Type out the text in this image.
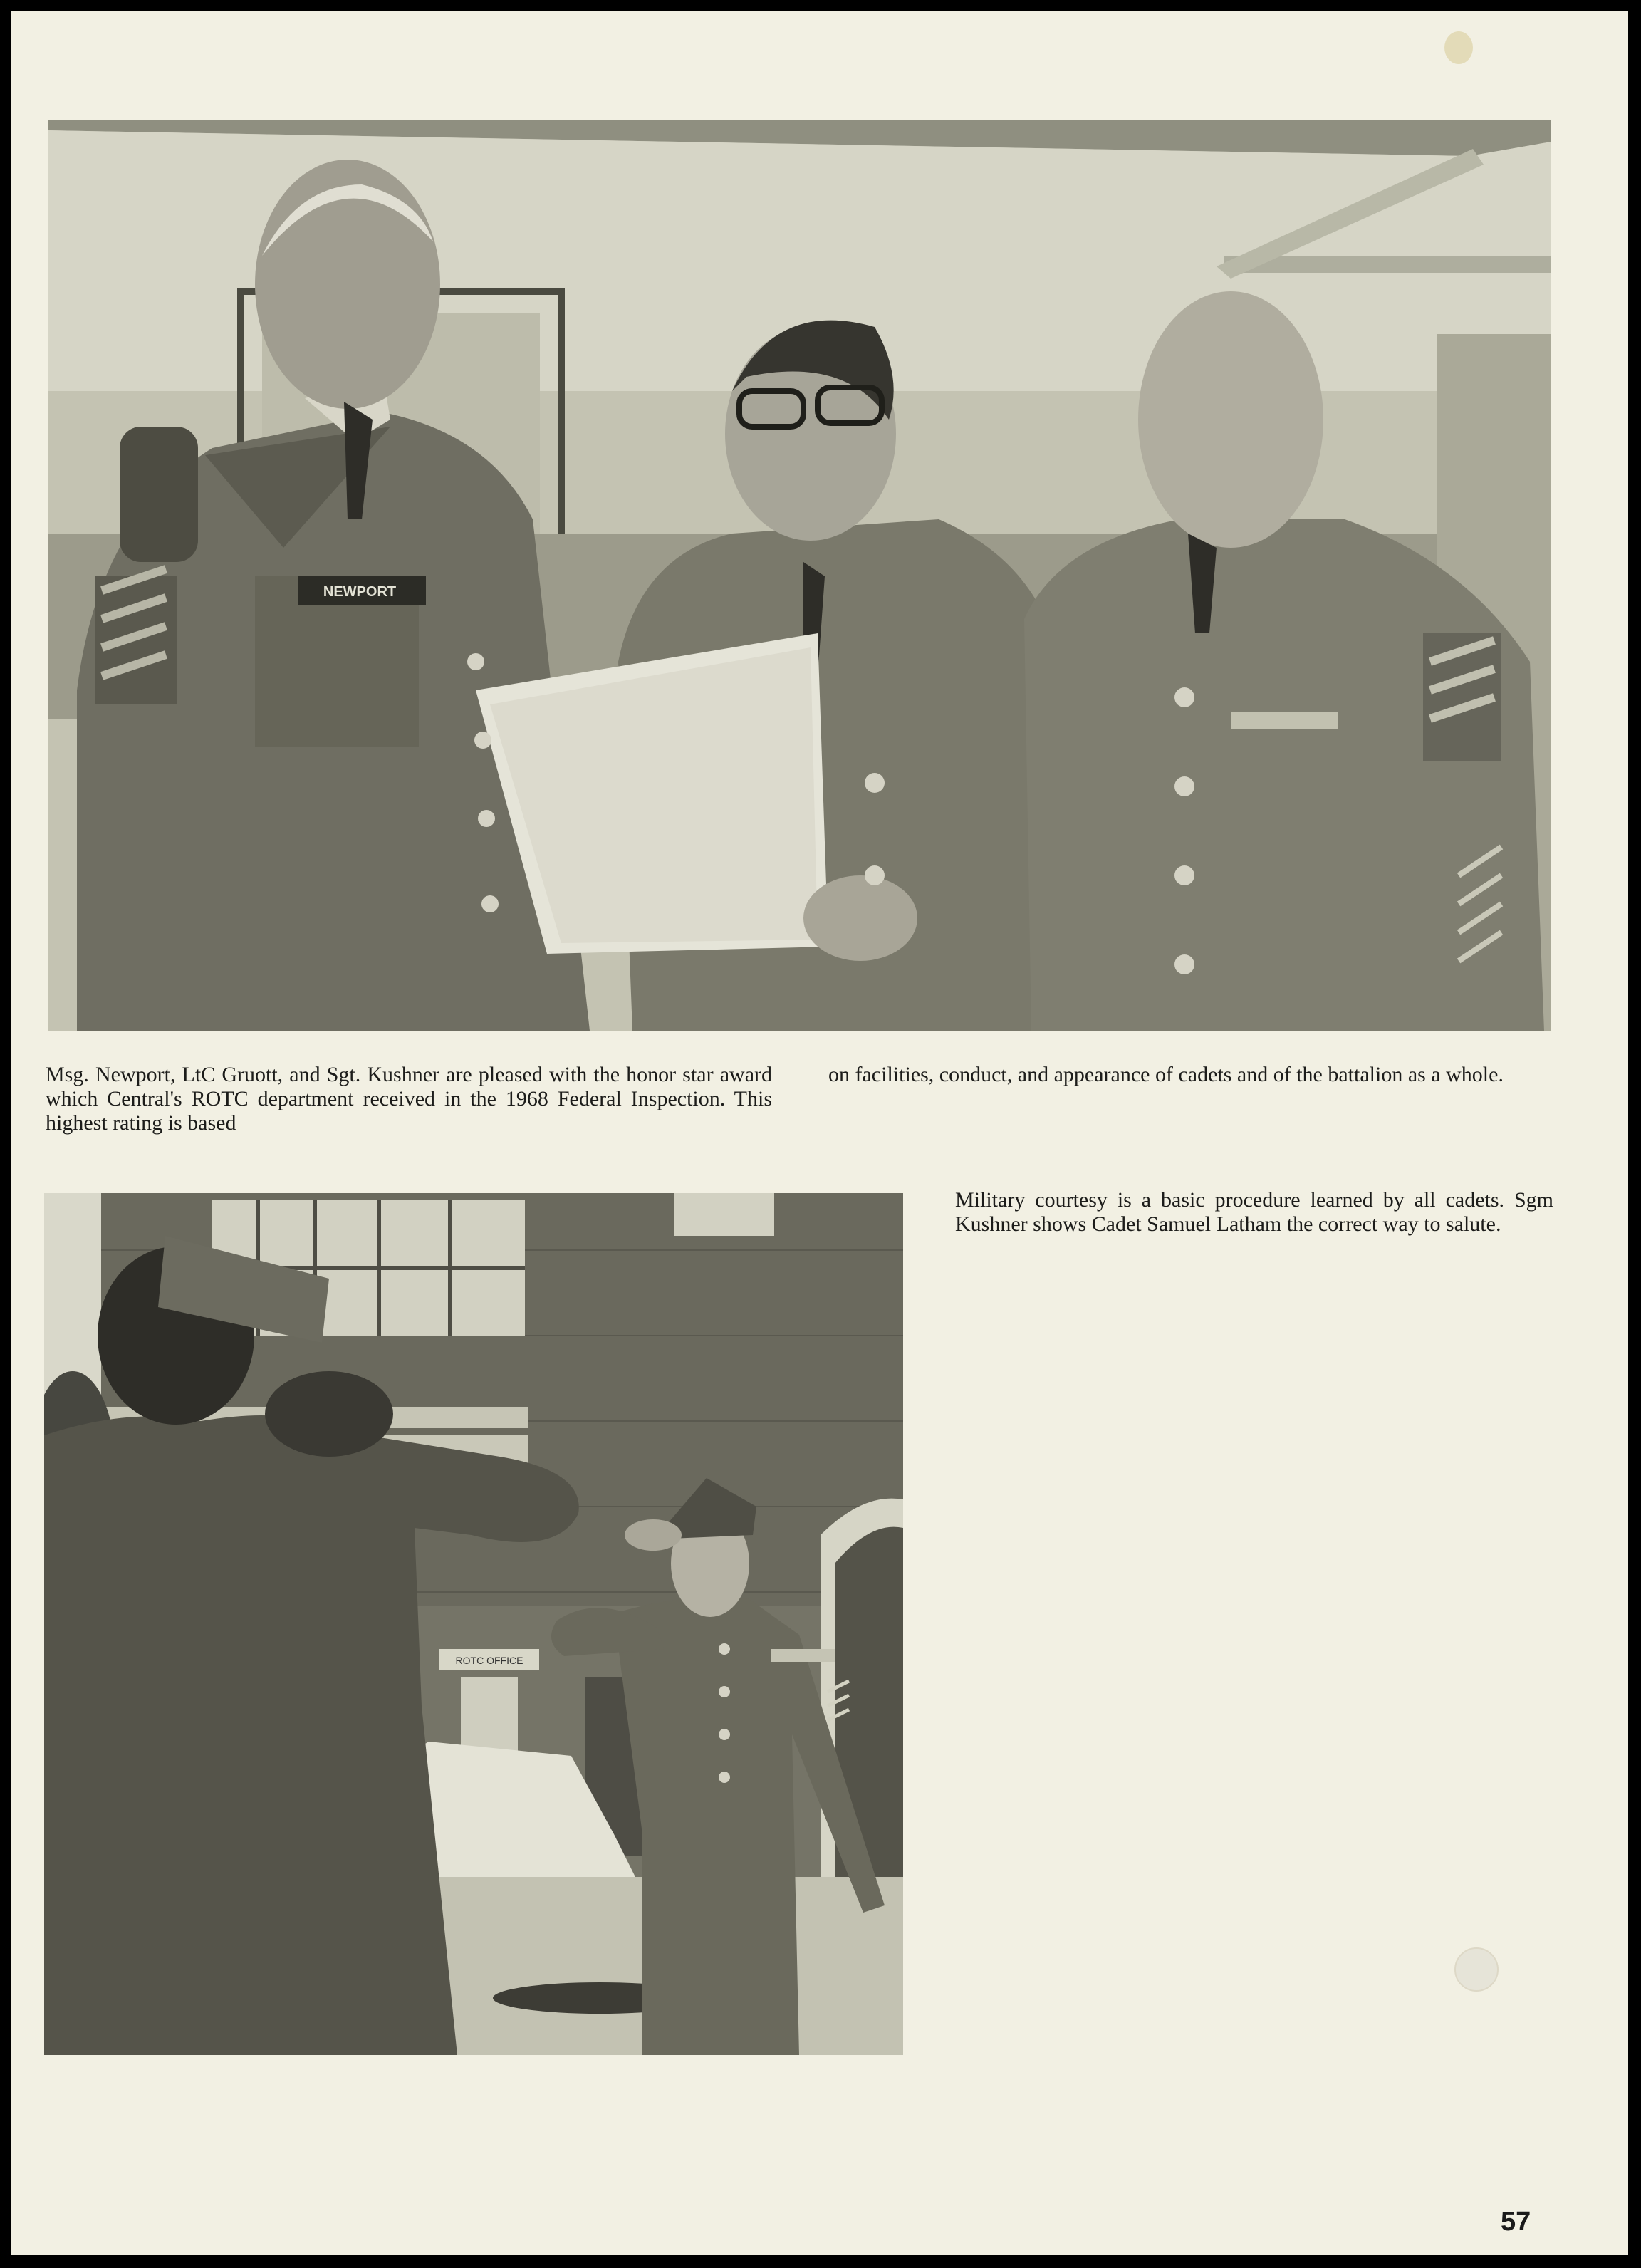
NEWPORT
Msg. Newport, LtC Gruott, and Sgt. Kushner are pleased with the honor star award which Central's ROTC department received in the 1968 Federal Inspection. This highest rating is based
on facilities, conduct, and appearance of cadets and of the battalion as a whole.
ROTC OFFICE
Military courtesy is a basic procedure learned by all cadets. Sgm Kushner shows Cadet Samuel Latham the correct way to salute.
57
